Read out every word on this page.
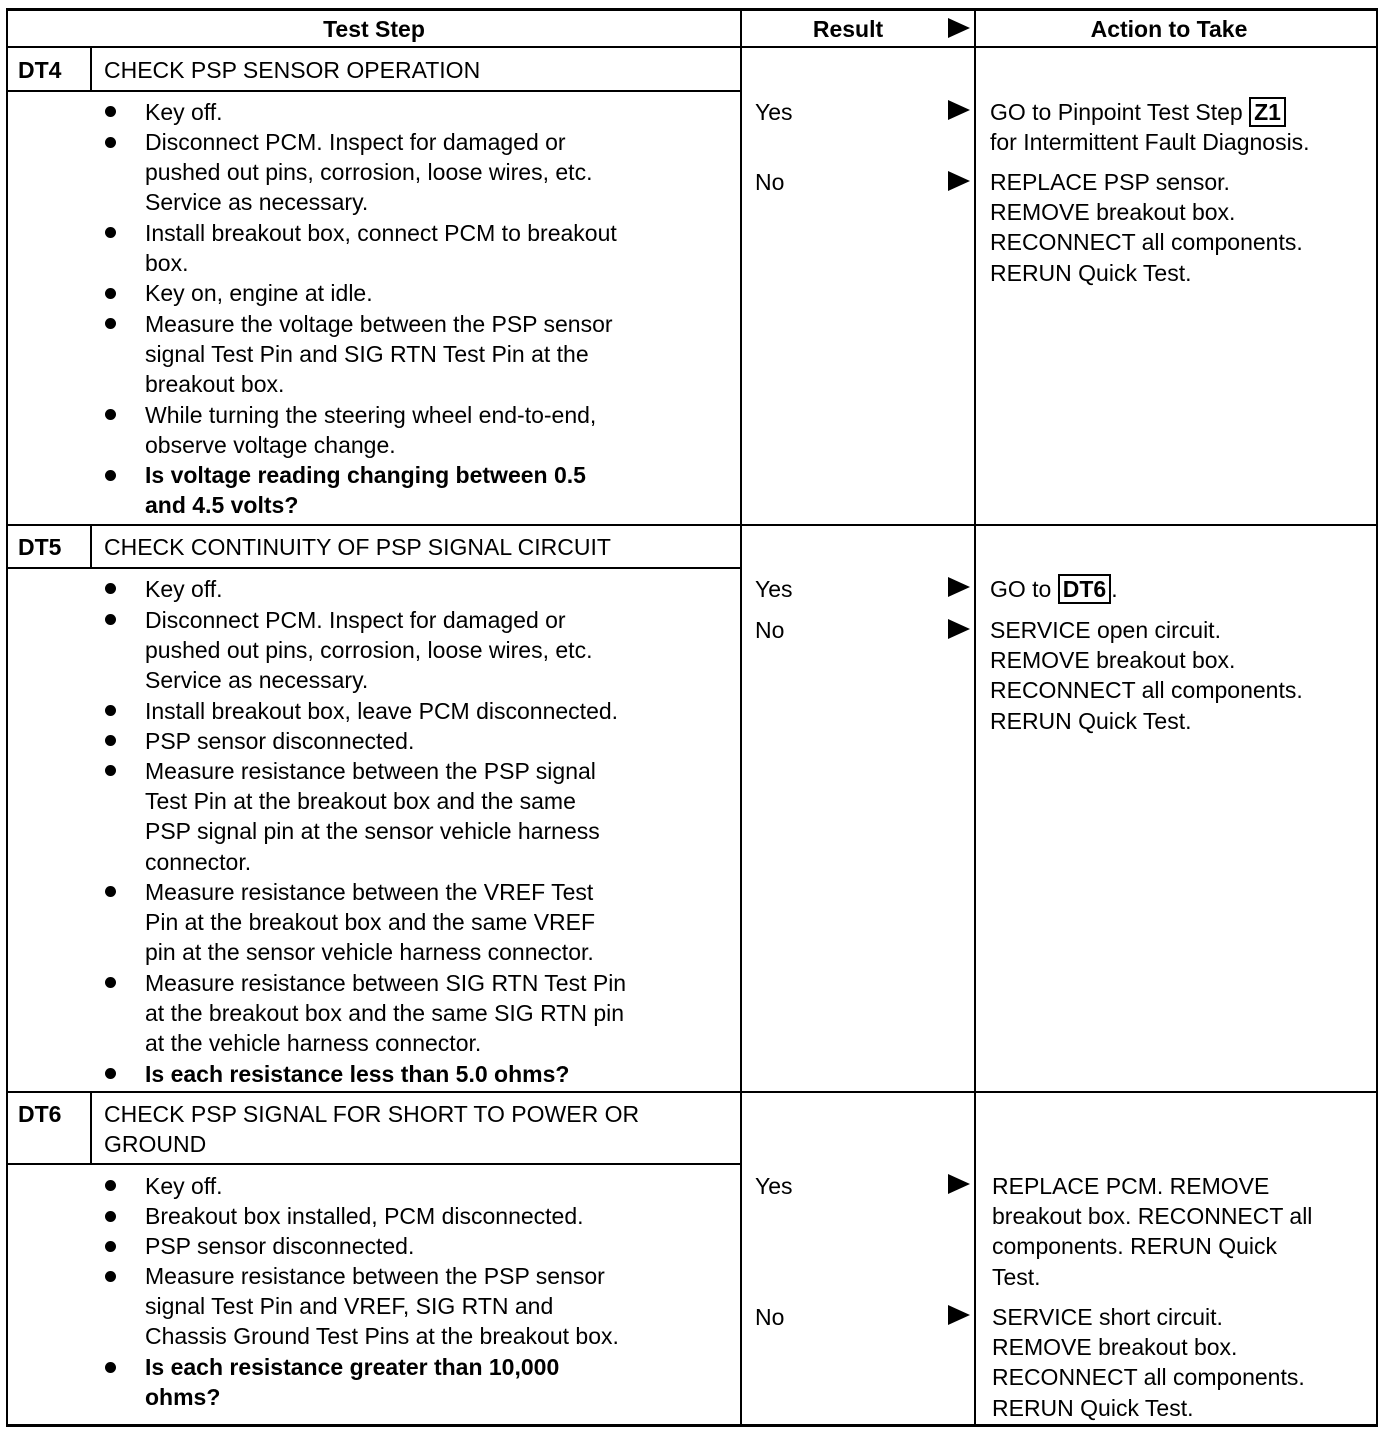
Test Step	Result	Action to Take
DT4 CHECK PSP SENSOR OPERATION
Key off.
Disconnect PCM. Inspect for damaged or
pushed out pins, corrosion, loose wires, etc.
Service as necessary.
Install breakout box, connect PCM to breakout
box.
Key on, engine at idle.
Measure the voltage between the PSP sensor
signal Test Pin and SIG RTN Test Pin at the
breakout box.
While turning the steering wheel end-to-end,
observe voltage change.
Is voltage reading changing between 0.5
and 4.5 volts?
Yes	GO to Pinpoint Test Step Z1
for Intermittent Fault Diagnosis.
No	REPLACE PSP sensor.
REMOVE breakout box.
RECONNECT all components.
RERUN Quick Test.
DT5 CHECK CONTINUITY OF PSP SIGNAL CIRCUIT
Key off.
Disconnect PCM. Inspect for damaged or
pushed out pins, corrosion, loose wires, etc.
Service as necessary.
Install breakout box, leave PCM disconnected.
PSP sensor disconnected.
Measure resistance between the PSP signal
Test Pin at the breakout box and the same
PSP signal pin at the sensor vehicle harness
connector.
Measure resistance between the VREF Test
Pin at the breakout box and the same VREF
pin at the sensor vehicle harness connector.
Measure resistance between SIG RTN Test Pin
at the breakout box and the same SIG RTN pin
at the vehicle harness connector.
Is each resistance less than 5.0 ohms?
Yes	GO to DT6 .
No	SERVICE open circuit.
REMOVE breakout box.
RECONNECT all components.
RERUN Quick Test.
DT6 CHECK PSP SIGNAL FOR SHORT TO POWER OR
GROUND
Key off.
Breakout box installed, PCM disconnected.
PSP sensor disconnected.
Measure resistance between the PSP sensor
signal Test Pin and VREF, SIG RTN and
Chassis Ground Test Pins at the breakout box.
Is each resistance greater than 10,000
ohms?
Yes	REPLACE PCM. REMOVE
breakout box. RECONNECT all
components. RERUN Quick
Test.
No	SERVICE short circuit.
REMOVE breakout box.
RECONNECT all components.
RERUN Quick Test.
